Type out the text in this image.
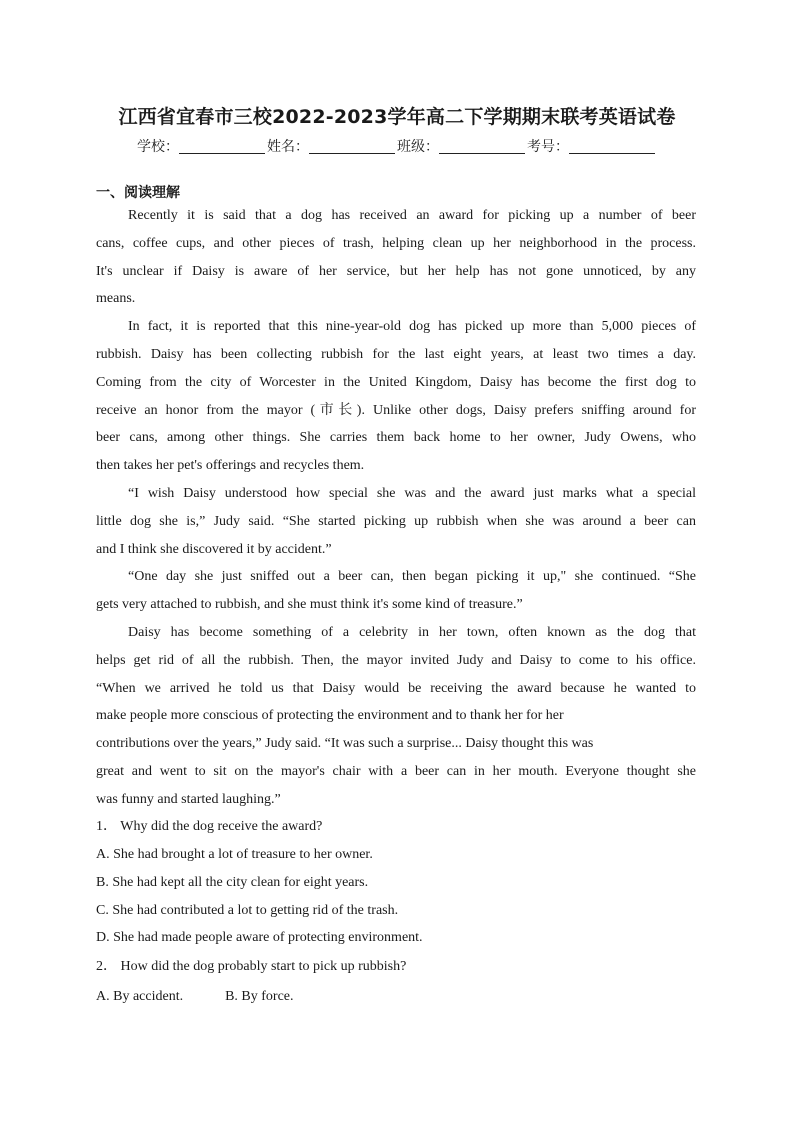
江西省宜春市三校2022-2023学年高二下学期期末联考英语试卷
学校：	姓名：	班级：	考号：
一、阅读理解
Recently it is said that a dog has received an award for picking up a number of beer
cans, coffee cups, and other pieces of trash, helping clean up her neighborhood in the process.
It's unclear if Daisy is aware of her service, but her help has not gone unnoticed, by any
means.
In fact, it is reported that this nine-year-old dog has picked up more than 5,000 pieces of
rubbish. Daisy has been collecting rubbish for the last eight years, at least two times a day.
Coming from the city of Worcester in the United Kingdom, Daisy has become the first dog to
receive an honor from the mayor (市长). Unlike other dogs, Daisy prefers sniffing around for
beer cans, among other things. She carries them back home to her owner, Judy Owens, who
then takes her pet's offerings and recycles them.
“I wish Daisy understood how special she was and the award just marks what a special
little dog she is,” Judy said. “She started picking up rubbish when she was around a beer can
and I think she discovered it by accident.”
“One day she just sniffed out a beer can, then began picking it up," she continued. “She
gets very attached to rubbish, and she must think it's some kind of treasure.”
Daisy has become something of a celebrity in her town, often known as the dog that
helps get rid of all the rubbish. Then, the mayor invited Judy and Daisy to come to his office.
“When we arrived he told us that Daisy would be receiving the award because he wanted to
make people more conscious of protecting the environment and to thank her for her
contributions over the years,” Judy said. “It was such a surprise... Daisy thought this was
great and went to sit on the mayor's chair with a beer can in her mouth. Everyone thought she
was funny and started laughing.”
1． Why did the dog receive the award?
A. She had brought a lot of treasure to her owner.
B. She had kept all the city clean for eight years.
C. She had contributed a lot to getting rid of the trash.
D. She had made people aware of protecting environment.
2． How did the dog probably start to pick up rubbish?
A. By accident.	B. By force.
